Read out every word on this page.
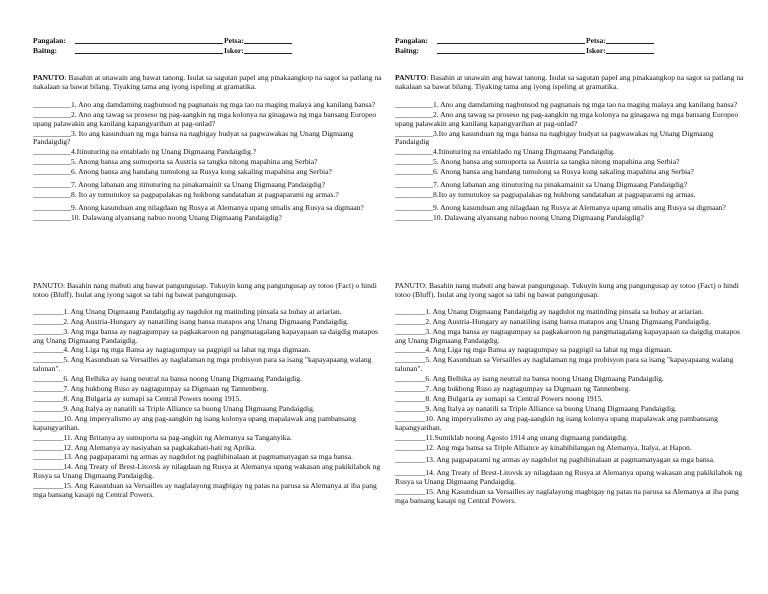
Pangalan:	Petsa:
Baitng:	Iskor:
PANUTO: Basahin at unawain ang bawat tanong. Isulat sa sagutan papel ang pinakaangkop na sagot sa patlang na nakalaan sa bawat bilang. Tiyaking tama ang iyong ispeling at gramatika.
__________1. Ano ang damdaming nagbunsod ng pagnanais ng mga tao na maging malaya ang kanilang bansa?
__________2. Ano ang tawag sa proseso ng pag-aangkin ng mga kolonya na ginagawa ng mga bansang Europeo upang palawakin ang kanilang kapangyarihan at pag-unlad?
__________3. Ito ang kasunduan ng mga bansa na nagbigay hudyat sa pagwawakas ng Unang Digmaang Pandaigdig?
__________4.Itinuturing na entablado ng Unang Digmaang Pandaigdig.?
__________5. Anong bansa ang sumuporta sa Austria sa tangka nitong mapahina ang Serbia?
__________6. Anong bansa ang handang tumulong sa Rusya kung sakaling mapahina ang Serbia?
__________7. Anong labanan ang itinuturing na pinakamainit sa Unang Digmaang Pandaigdig?
__________8. Ito ay tumutukoy sa pagpapalakas ng hukbong sandatahan at pagpaparami ng armas.?
__________9. Anong kasunduan ang nilagdaan ng Rusya at Alemanya upang umalis ang Rusya sa digmaan?
__________10. Dalawang alyansang nabuo noong Unang Digmaang Pandaigdig?
PANUTO: Basahin nang mabuti ang bawat pangungusap. Tukuyin kung ang pangungusap ay totoo (Fact) o hindi totoo (Bluff). Isulat ang iyong sagot sa tabi ng bawat pangungusap.
________1. Ang Unang Digmaang Pandaigdig ay nagdulot ng matinding pinsala sa buhay at ariarian.
________2. Ang Austria-Hungary ay nanatiling isang bansa matapos ang Unang Digmaang Pandaigdig.
________3. Ang mga bansa ay nagtagumpay sa pagkakaroon ng pangmatagalang kapayapaan sa daigdig matapos ang Unang Digmaang Pandaigdig.
________4. Ang Liga ng mga Bansa ay nagtagumpay sa pagpigil sa lahat ng mga digmaan.
________5. Ang Kasunduan sa Versailles ay naglalaman ng mga probisyon para sa isang "kapayapaang walang talunan".
________6. Ang Belhika ay isang neutral na bansa noong Unang Digmaang Pandaigdig.
________7. Ang hukbong Ruso ay nagtagumpay sa Digmaan ng Tannenberg.
________8. Ang Bulgaria ay sumapi sa Central Powers noong 1915.
________9. Ang Italya ay nanatili sa Triple Alliance sa buong Unang Digmaang Pandaigdig.
________10. Ang imperyalismo ay ang pag-aangkin ng isang kolonya upang mapalawak ang pambansang kapangyarihan.
________11. Ang Britanya ay sumuporta sa pag-angkin ng Alemanya sa Tanganyika.
________12. Ang Alemanya ay nasiyahan sa pagkakahati-hati ng Aprika.
________13. Ang pagpaparami ng armas ay nagdulot ng paghihinalaan at pagmamatyagan sa mga bansa.
________14. Ang Treaty of Brest-Litovsk ay nilagdaan ng Rusya at Alemanya upang wakasan ang pakikilahok ng Rusya sa Unang Digmaang Pandaigdig.
________15. Ang Kasunduan sa Versailles ay naglalayong magbigay ng patas na parusa sa Alemanya at iba pang mga bansang kasapi ng Central Powers.
Pangalan:	Petsa:
Baitng:	Iskor:
PANUTO: Basahin at unawain ang bawat tanong. Isulat sa sagutan papel ang pinakaangkop na sagot sa patlang na nakalaan sa bawat bilang. Tiyaking tama ang iyong ispeling at gramatika.
__________1. Ano ang damdaming nagbunsod ng pagnanais ng mga tao na maging malaya ang kanilang bansa?
__________2. Ano ang tawag sa proseso ng pag-aangkin ng mga kolonya na ginagawa ng mga bansang Europeo upang palawakin ang kanilang kapangyarihan at pag-unlad?
__________3.Ito ang kasunduan ng mga bansa na nagbigay hudyat sa pagwawakas ng Unang Digmaang Pandaigdig
__________4.Itinuturing na entablado ng Unang Digmaang Pandaigdig.
__________5. Anong bansa ang sumuporta sa Austria sa tangka nitong mapahina ang Serbia?
__________6. Anong bansa ang handang tumulong sa Rusya kung sakaling mapahina ang Serbia?
__________7. Anong labanan ang itinuturing na pinakamainit sa Unang Digmaang Pandaigdig?
__________8.Ito ay tumutukoy sa pagpapalakas ng hukbong sandatahan at pagpaparami ng armas.
__________9. Anong kasunduan ang nilagdaan ng Rusya at Alemanya upang umalis ang Rusya sa digmaan?
__________10. Dalawang alyansang nabuo noong Unang Digmaang Pandaigdig?
PANUTO: Basahin nang mabuti ang bawat pangungusap. Tukuyin kung ang pangungusap ay totoo (Fact) o hindi totoo (Bluff). Isulat ang iyong sagot sa tabi ng bawat pangungusap.
________1. Ang Unang Digmaang Pandaigdig ay nagdulot ng matinding pinsala sa buhay at ariarian.
________2. Ang Austria-Hungary ay nanatiling isang bansa matapos ang Unang Digmaang Pandaigdig.
________3. Ang mga bansa ay nagtagumpay sa pagkakaroon ng pangmatagalang kapayapaan sa daigdig matapos ang Unang Digmaang Pandaigdig.
________4. Ang Liga ng mga Bansa ay nagtagumpay sa pagpigil sa lahat ng mga digmaan.
________5. Ang Kasunduan sa Versailles ay naglalaman ng mga probisyon para sa isang "kapayapaang walang talunan".
________6. Ang Belhika ay isang neutral na bansa noong Unang Digmaang Pandaigdig.
________7. Ang hukbong Ruso ay nagtagumpay sa Digmaan ng Tannenberg.
________8. Ang Bulgaria ay sumapi sa Central Powers noong 1915.
________9. Ang Italya ay nanatili sa Triple Alliance sa buong Unang Digmaang Pandaigdig.
________10. Ang imperyalismo ay ang pag-aangkin ng isang kolonya upang mapalawak ang pambansang kapangyarihan.
________11.Sumiklab noong Agosto 1914 ang unang digmaang pandaigdig.
________12. Ang mga bansa sa Triple Alliance ay kinabibilangan ng Alemanya, Italya, at Hapon.
________13. Ang pagpaparami ng armas ay nagdulot ng paghihinalaan at pagmamatyagan sa mga bansa.
________14. Ang Treaty of Brest-Litovsk ay nilagdaan ng Rusya at Alemanya upang wakasan ang pakikilahok ng Rusya sa Unang Digmaang Pandaigdig.
________15. Ang Kasunduan sa Versailles ay naglalayong magbigay ng patas na parusa sa Alemanya at iba pang mga bansang kasapi ng Central Powers.
